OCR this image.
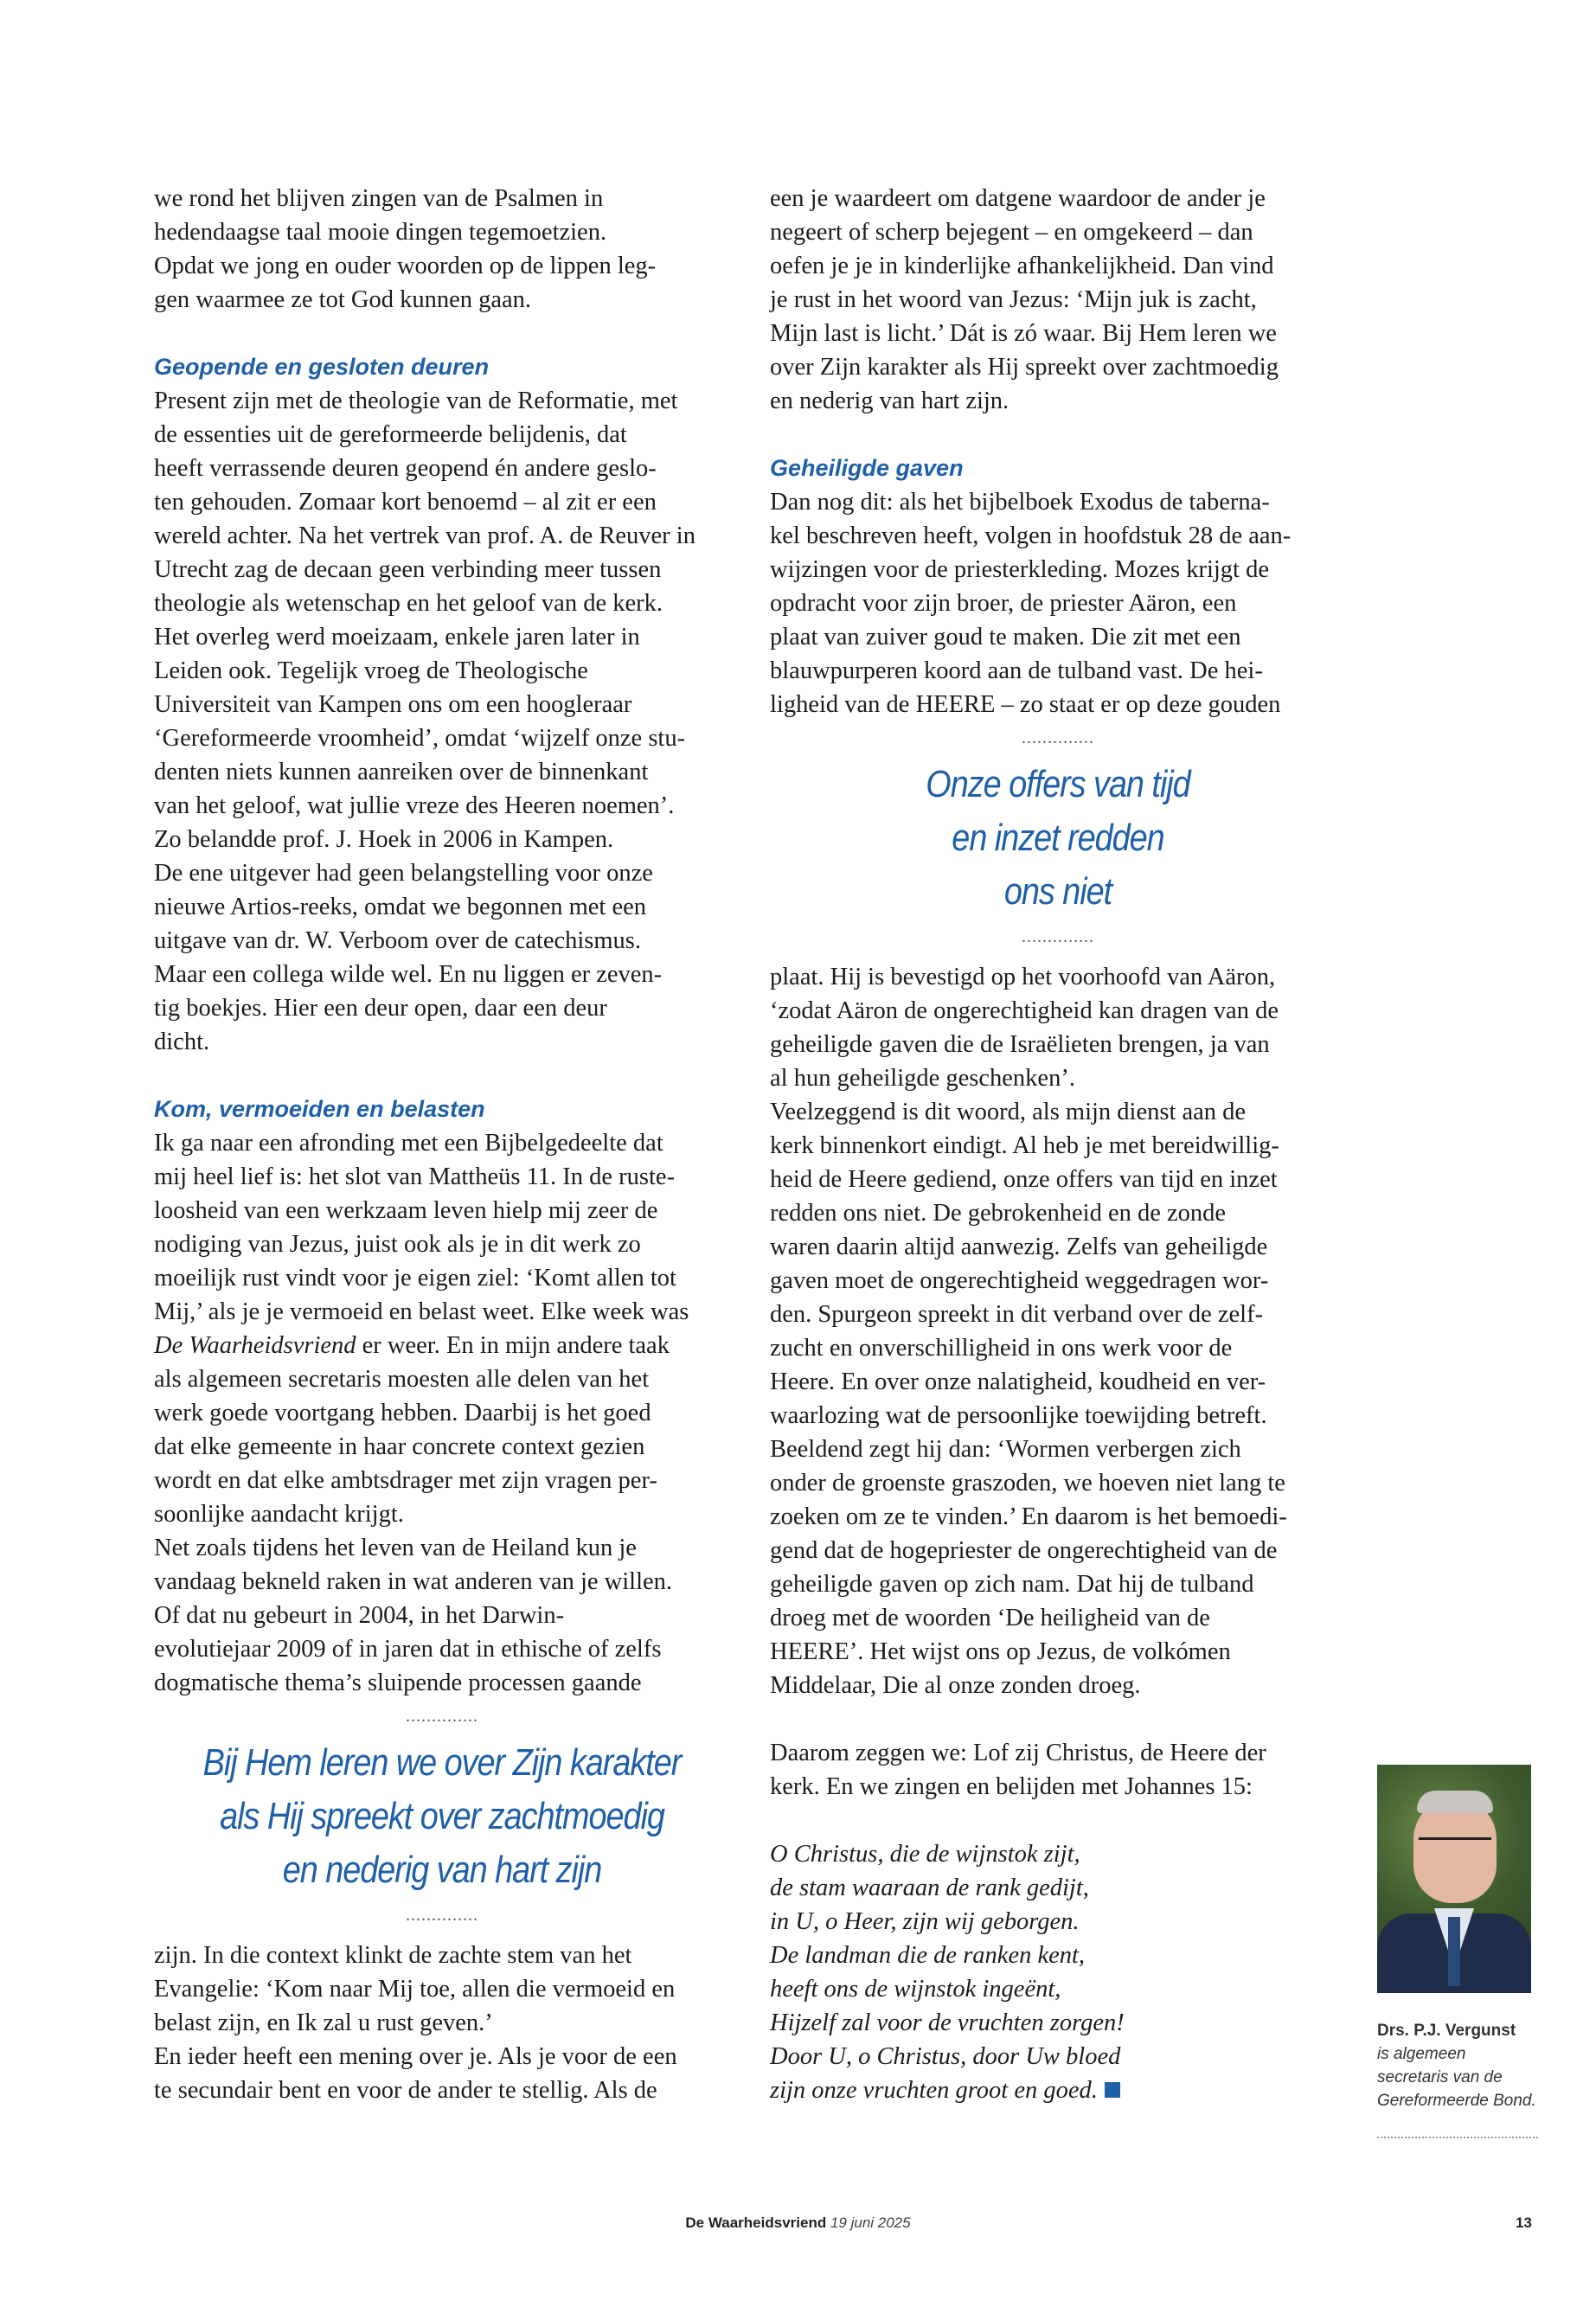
we rond het blijven zingen van de Psalmen in
hedendaagse taal mooie dingen tegemoetzien.
Opdat we jong en ouder woorden op de lippen leg-
gen waarmee ze tot God kunnen gaan.
Geopende en gesloten deuren
Present zijn met de theologie van de Reformatie, met
de essenties uit de gereformeerde belijdenis, dat
heeft verrassende deuren geopend én andere geslo-
ten gehouden. Zomaar kort benoemd – al zit er een
wereld achter. Na het vertrek van prof. A. de Reuver in
Utrecht zag de decaan geen verbinding meer tussen
theologie als wetenschap en het geloof van de kerk.
Het overleg werd moeizaam, enkele jaren later in
Leiden ook. Tegelijk vroeg de Theologische
Universiteit van Kampen ons om een hoogleraar
‘Gereformeerde vroomheid’, omdat ‘wijzelf onze stu-
denten niets kunnen aanreiken over de binnenkant
van het geloof, wat jullie vreze des Heeren noemen’.
Zo belandde prof. J. Hoek in 2006 in Kampen.
De ene uitgever had geen belangstelling voor onze
nieuwe Artios-reeks, omdat we begonnen met een
uitgave van dr. W. Verboom over de catechismus.
Maar een collega wilde wel. En nu liggen er zeven-
tig boekjes. Hier een deur open, daar een deur
dicht.
Kom, vermoeiden en belasten
Ik ga naar een afronding met een Bijbelgedeelte dat
mij heel lief is: het slot van Mattheüs 11. In de ruste-
loosheid van een werkzaam leven hielp mij zeer de
nodiging van Jezus, juist ook als je in dit werk zo
moeilijk rust vindt voor je eigen ziel: ‘Komt allen tot
Mij,’ als je je vermoeid en belast weet. Elke week was
De Waarheidsvriend er weer. En in mijn andere taak
als algemeen secretaris moesten alle delen van het
werk goede voortgang hebben. Daarbij is het goed
dat elke gemeente in haar concrete context gezien
wordt en dat elke ambtsdrager met zijn vragen per-
soonlijke aandacht krijgt.
Net zoals tijdens het leven van de Heiland kun je
vandaag bekneld raken in wat anderen van je willen.
Of dat nu gebeurt in 2004, in het Darwin-
evolutiejaar 2009 of in jaren dat in ethische of zelfs
dogmatische thema’s sluipende processen gaande
..............
Bij Hem leren we over Zijn karakter
als Hij spreekt over zachtmoedig
en nederig van hart zijn
..............
zijn. In die context klinkt de zachte stem van het
Evangelie: ‘Kom naar Mij toe, allen die vermoeid en
belast zijn, en Ik zal u rust geven.’
En ieder heeft een mening over je. Als je voor de een
te secundair bent en voor de ander te stellig. Als de
een je waardeert om datgene waardoor de ander je
negeert of scherp bejegent – en omgekeerd – dan
oefen je je in kinderlijke afhankelijkheid. Dan vind
je rust in het woord van Jezus: ‘Mijn juk is zacht,
Mijn last is licht.’ Dát is zó waar. Bij Hem leren we
over Zijn karakter als Hij spreekt over zachtmoedig
en nederig van hart zijn.
Geheiligde gaven
Dan nog dit: als het bijbelboek Exodus de taberna-
kel beschreven heeft, volgen in hoofdstuk 28 de aan-
wijzingen voor de priesterkleding. Mozes krijgt de
opdracht voor zijn broer, de priester Aäron, een
plaat van zuiver goud te maken. Die zit met een
blauwpurperen koord aan de tulband vast. De hei-
ligheid van de HEERE – zo staat er op deze gouden
..............
Onze offers van tijd
en inzet redden
ons niet
..............
plaat. Hij is bevestigd op het voorhoofd van Aäron,
‘zodat Aäron de ongerechtigheid kan dragen van de
geheiligde gaven die de Israëlieten brengen, ja van
al hun geheiligde geschenken’.
Veelzeggend is dit woord, als mijn dienst aan de
kerk binnenkort eindigt. Al heb je met bereidwillig-
heid de Heere gediend, onze offers van tijd en inzet
redden ons niet. De gebrokenheid en de zonde
waren daarin altijd aanwezig. Zelfs van geheiligde
gaven moet de ongerechtigheid weggedragen wor-
den. Spurgeon spreekt in dit verband over de zelf-
zucht en onverschilligheid in ons werk voor de
Heere. En over onze nalatigheid, koudheid en ver-
waarlozing wat de persoonlijke toewijding betreft.
Beeldend zegt hij dan: ‘Wormen verbergen zich
onder de groenste graszoden, we hoeven niet lang te
zoeken om ze te vinden.’ En daarom is het bemoedi-
gend dat de hogepriester de ongerechtigheid van de
geheiligde gaven op zich nam. Dat hij de tulband
droeg met de woorden ‘De heiligheid van de
HEERE’. Het wijst ons op Jezus, de volkómen
Middelaar, Die al onze zonden droeg.
Daarom zeggen we: Lof zij Christus, de Heere der
kerk. En we zingen en belijden met Johannes 15:
O Christus, die de wijnstok zijt,
de stam waaraan de rank gedijt,
in U, o Heer, zijn wij geborgen.
De landman die de ranken kent,
heeft ons de wijnstok ingeënt,
Hijzelf zal voor de vruchten zorgen!
Door U, o Christus, door Uw bloed
zijn onze vruchten groot en goed.
Drs. P.J. Vergunst
is algemeen
secretaris van de
Gereformeerde Bond.
De Waarheidsvriend 19 juni 2025	13
